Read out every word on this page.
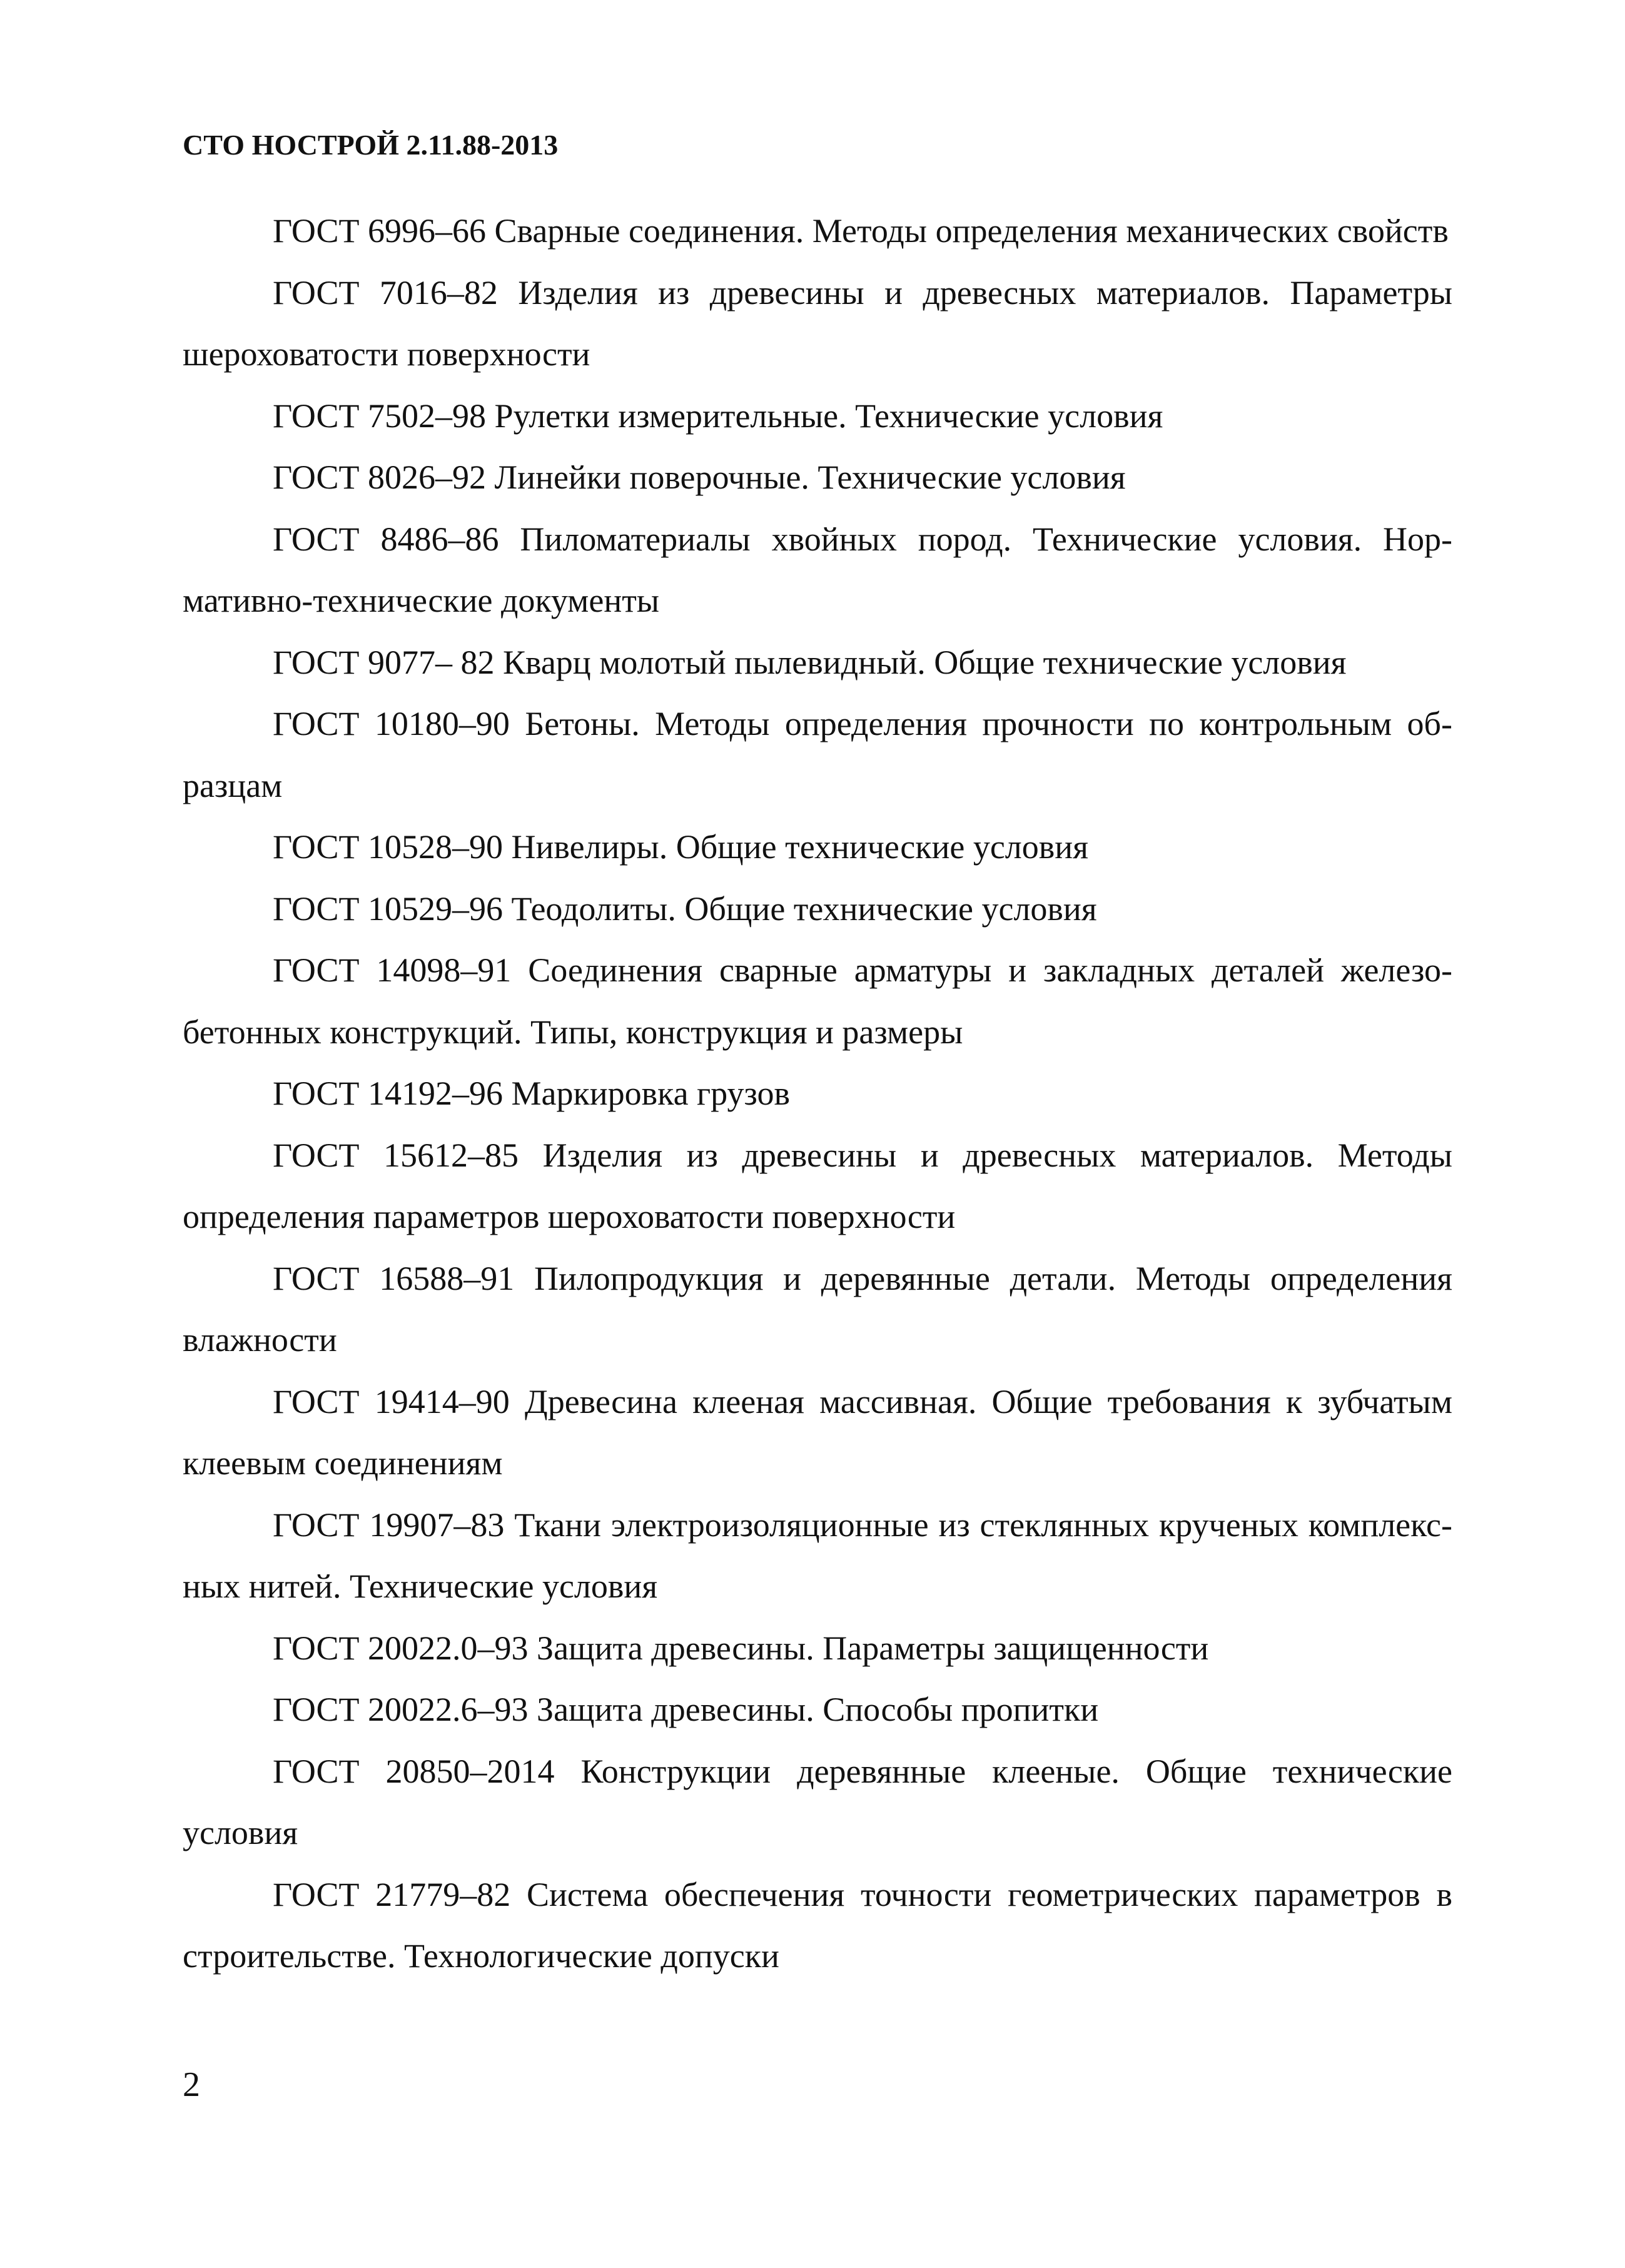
СТО НОСТРОЙ 2.11.88-2013

ГОСТ 6996–66 Сварные соединения. Методы определения механических свойств

ГОСТ 7016–82 Изделия из древесины и древесных материалов. Параметры шероховатости поверхности

ГОСТ 7502–98 Рулетки измерительные. Технические условия

ГОСТ 8026–92 Линейки поверочные. Технические условия

ГОСТ 8486–86 Пиломатериалы хвойных пород. Технические условия. Нормативно-технические документы

ГОСТ 9077– 82 Кварц молотый пылевидный. Общие технические условия

ГОСТ 10180–90 Бетоны. Методы определения прочности по контрольным образцам

ГОСТ 10528–90 Нивелиры. Общие технические условия

ГОСТ 10529–96 Теодолиты. Общие технические условия

ГОСТ 14098–91 Соединения сварные арматуры и закладных деталей железобетонных конструкций. Типы, конструкция и размеры

ГОСТ 14192–96 Маркировка грузов

ГОСТ 15612–85 Изделия из древесины и древесных материалов. Методы определения параметров шероховатости поверхности

ГОСТ 16588–91 Пилопродукция и деревянные детали. Методы определения влажности

ГОСТ 19414–90 Древесина клееная массивная. Общие требования к зубчатым клеевым соединениям

ГОСТ 19907–83 Ткани электроизоляционные из стеклянных крученых комплексных нитей. Технические условия

ГОСТ 20022.0–93 Защита древесины. Параметры защищенности

ГОСТ 20022.6–93 Защита древесины. Способы пропитки

ГОСТ 20850–2014 Конструкции деревянные клееные. Общие технические условия

ГОСТ 21779–82 Система обеспечения точности геометрических параметров в строительстве. Технологические допуски

2
